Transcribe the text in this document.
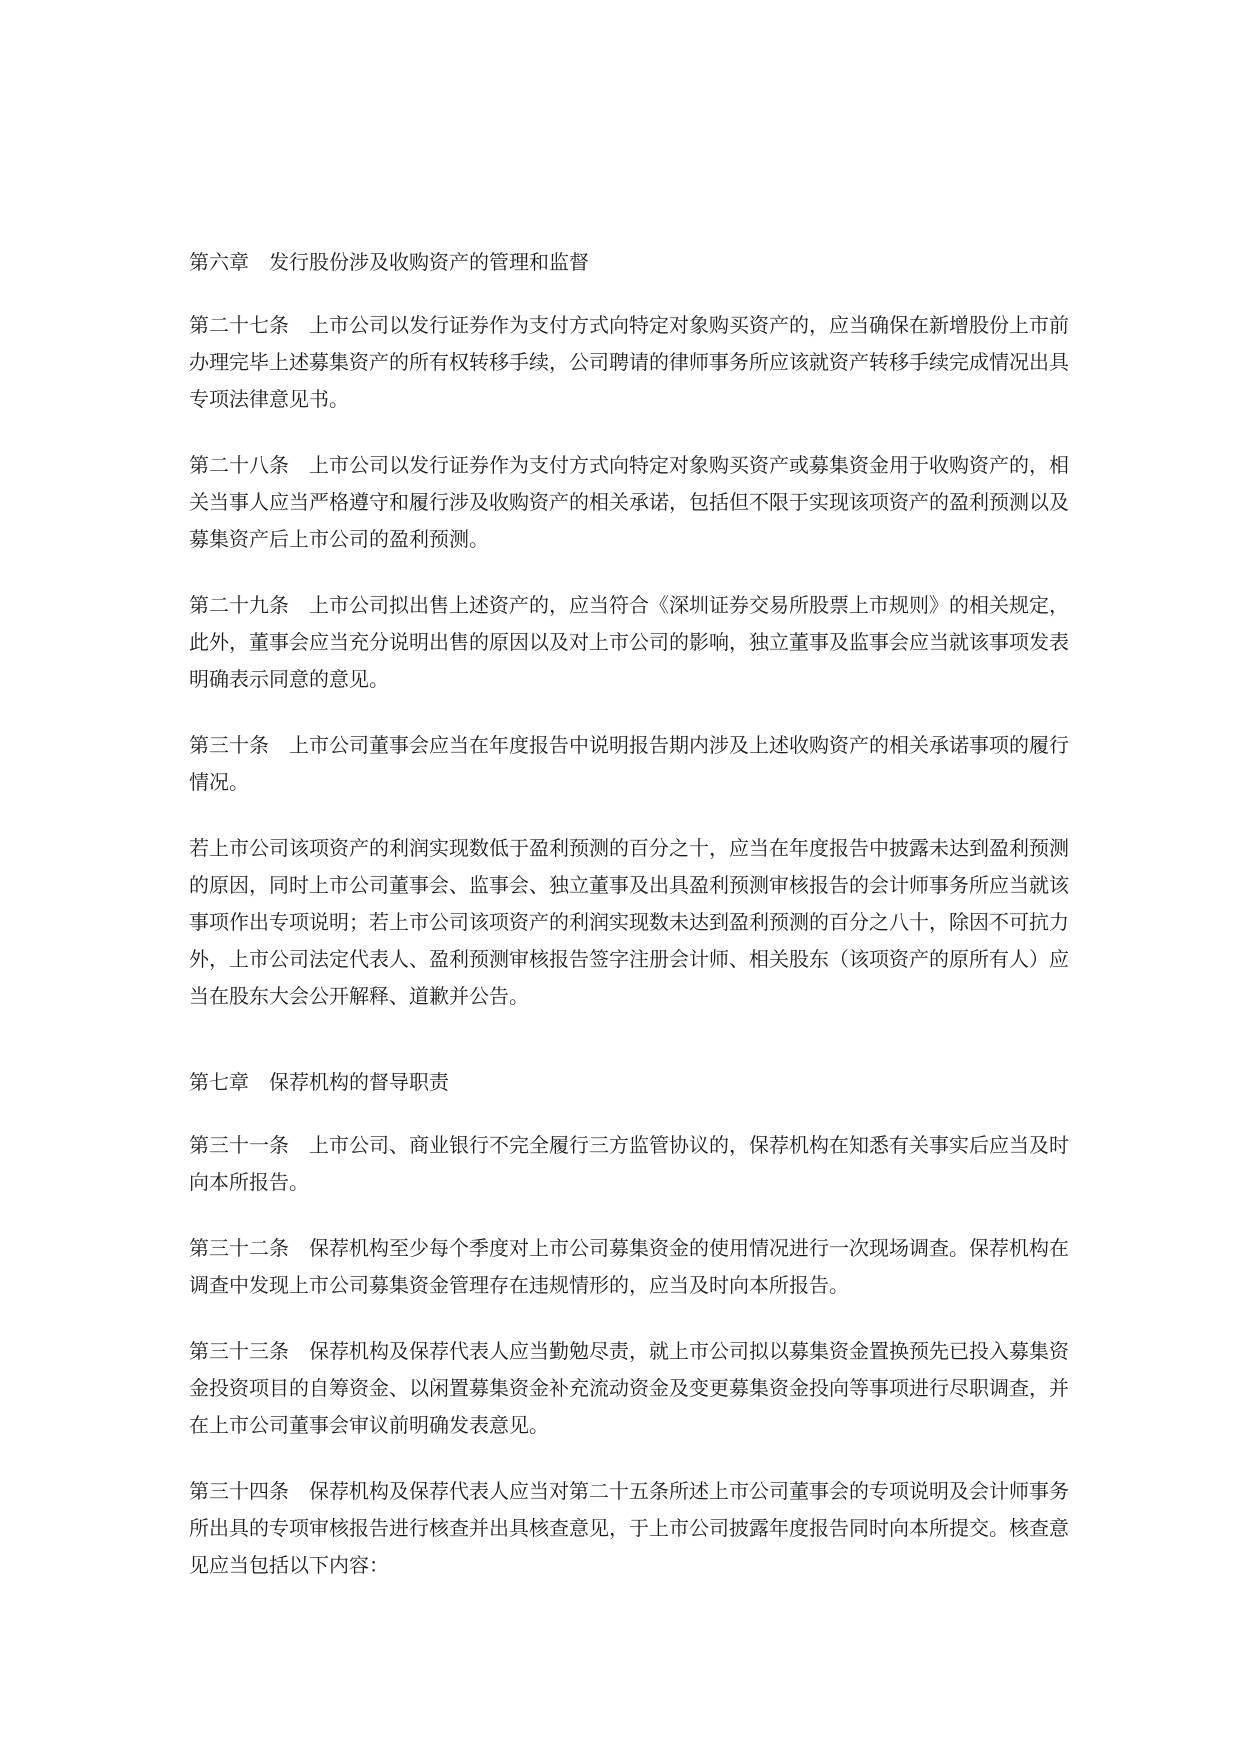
第六章　发行股份涉及收购资产的管理和监督

第二十七条　上市公司以发行证券作为支付方式向特定对象购买资产的，应当确保在新增股份上市前办理完毕上述募集资产的所有权转移手续，公司聘请的律师事务所应该就资产转移手续完成情况出具专项法律意见书。

第二十八条　上市公司以发行证券作为支付方式向特定对象购买资产或募集资金用于收购资产的，相关当事人应当严格遵守和履行涉及收购资产的相关承诺，包括但不限于实现该项资产的盈利预测以及募集资产后上市公司的盈利预测。

第二十九条　上市公司拟出售上述资产的，应当符合《深圳证券交易所股票上市规则》的相关规定，此外，董事会应当充分说明出售的原因以及对上市公司的影响，独立董事及监事会应当就该事项发表明确表示同意的意见。

第三十条　上市公司董事会应当在年度报告中说明报告期内涉及上述收购资产的相关承诺事项的履行情况。

若上市公司该项资产的利润实现数低于盈利预测的百分之十，应当在年度报告中披露未达到盈利预测的原因，同时上市公司董事会、监事会、独立董事及出具盈利预测审核报告的会计师事务所应当就该事项作出专项说明；若上市公司该项资产的利润实现数未达到盈利预测的百分之八十，除因不可抗力外，上市公司法定代表人、盈利预测审核报告签字注册会计师、相关股东（该项资产的原所有人）应当在股东大会公开解释、道歉并公告。

第七章　保荐机构的督导职责

第三十一条　上市公司、商业银行不完全履行三方监管协议的，保荐机构在知悉有关事实后应当及时向本所报告。

第三十二条　保荐机构至少每个季度对上市公司募集资金的使用情况进行一次现场调查。保荐机构在调查中发现上市公司募集资金管理存在违规情形的，应当及时向本所报告。

第三十三条　保荐机构及保荐代表人应当勤勉尽责，就上市公司拟以募集资金置换预先已投入募集资金投资项目的自筹资金、以闲置募集资金补充流动资金及变更募集资金投向等事项进行尽职调查，并在上市公司董事会审议前明确发表意见。

第三十四条　保荐机构及保荐代表人应当对第二十五条所述上市公司董事会的专项说明及会计师事务所出具的专项审核报告进行核查并出具核查意见，于上市公司披露年度报告同时向本所提交。核查意见应当包括以下内容：
